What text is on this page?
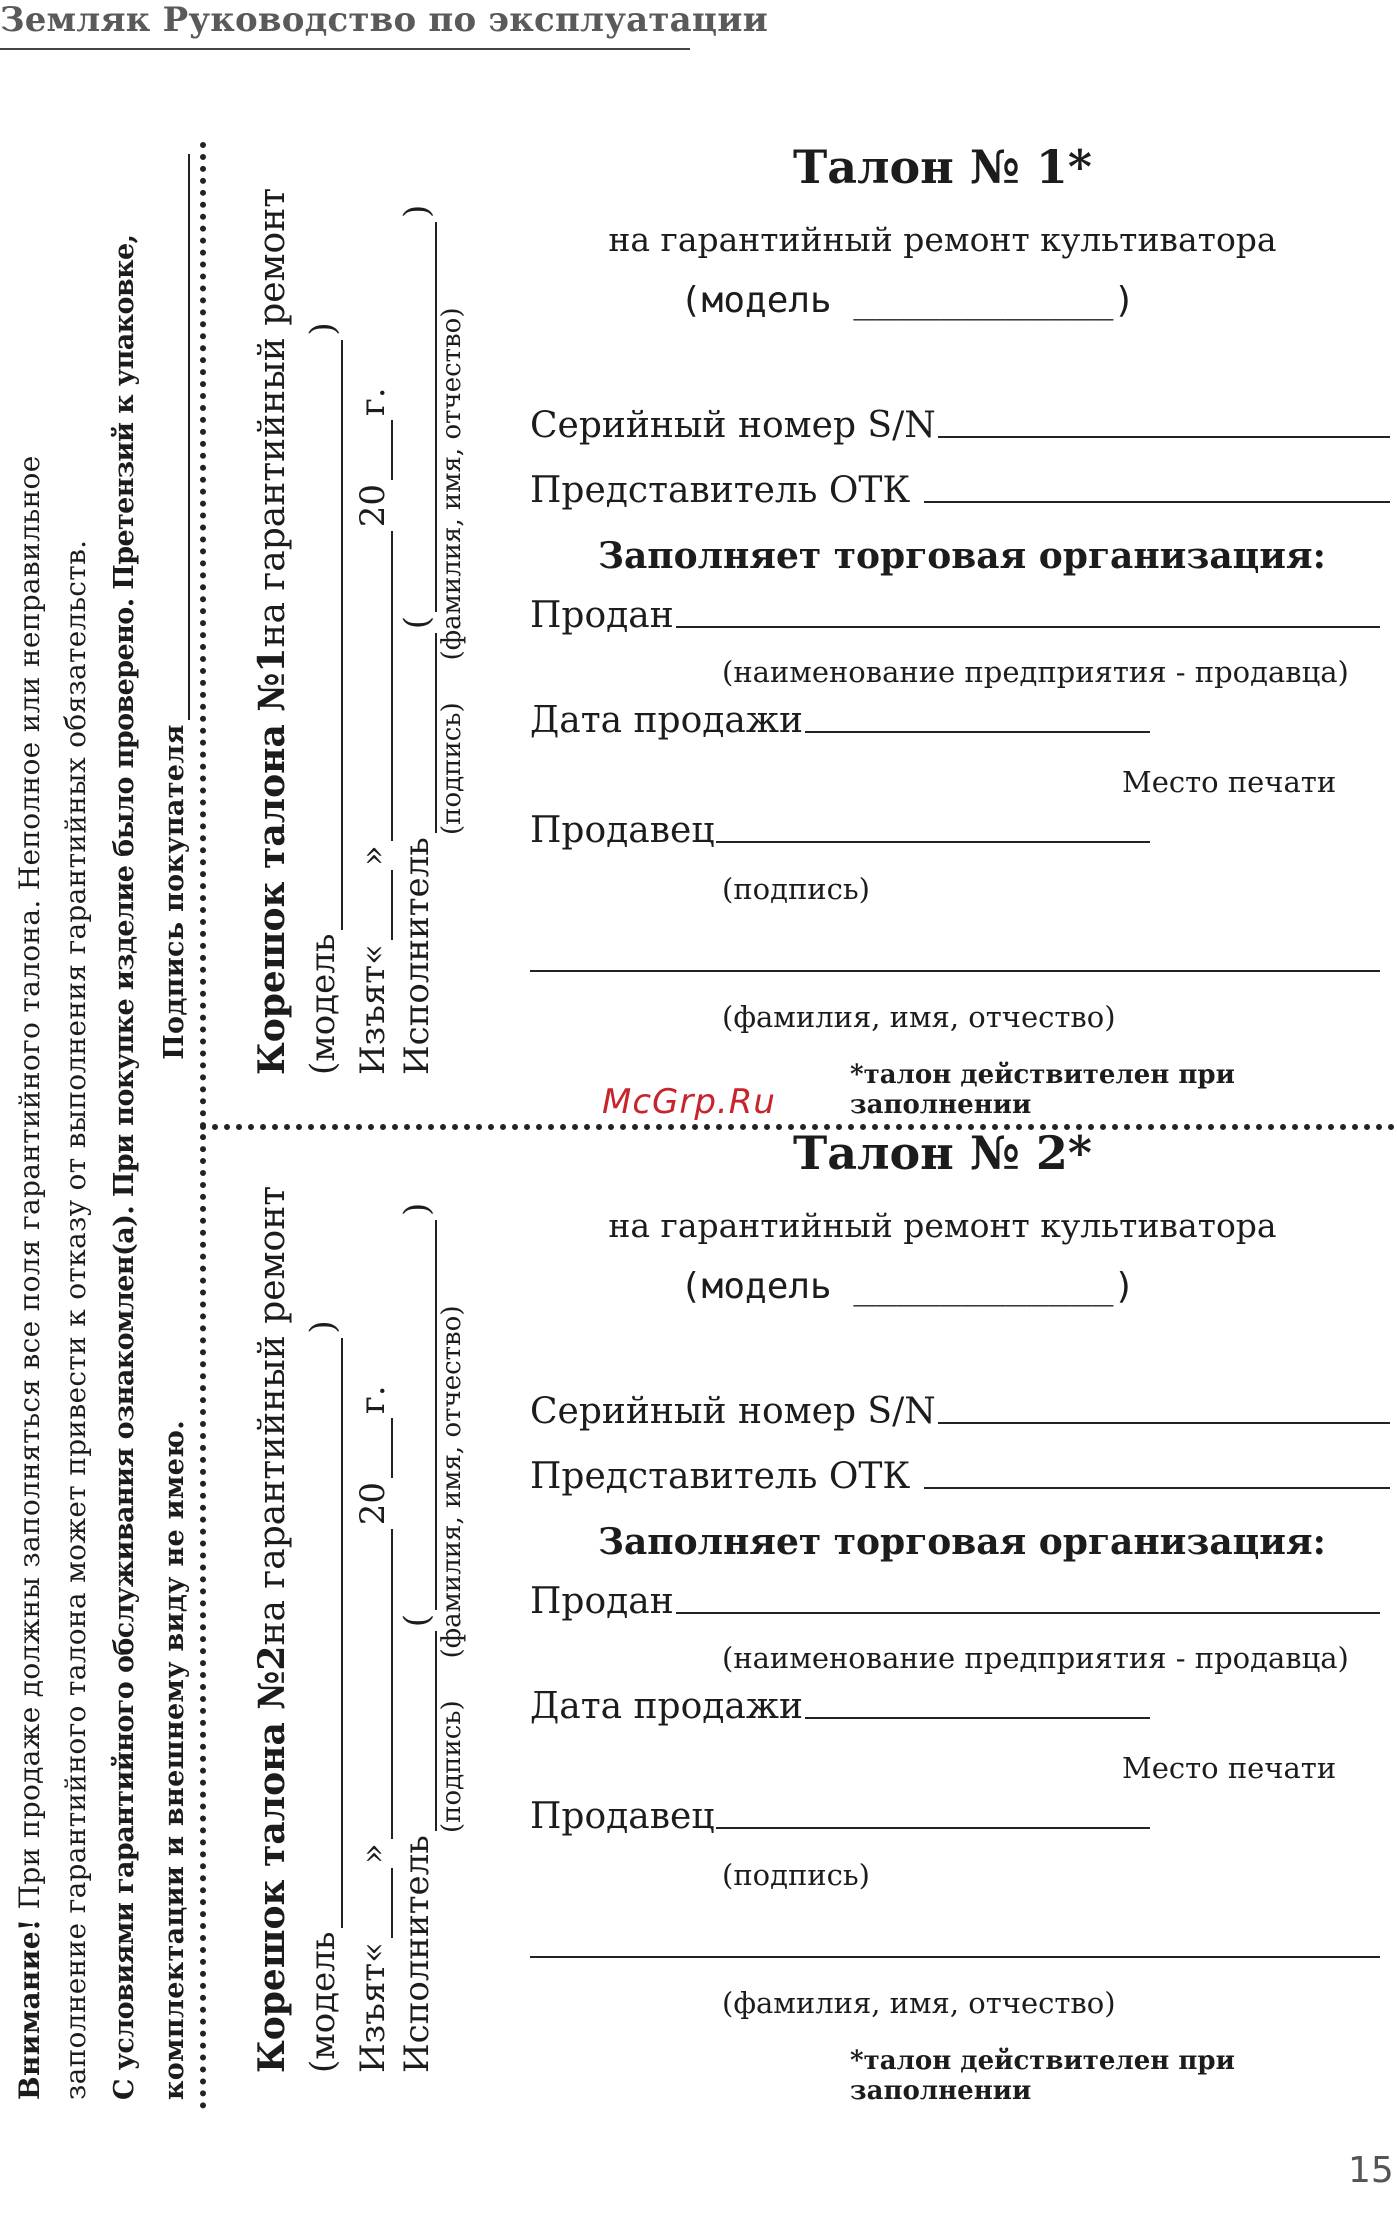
Земляк Руководство по эксплуатации
Внимание! При продаже должны заполняться все поля гарантийного талона. Неполное или неправильное заполнение гарантийного талона может привести к отказу от выполнения гарантийных обязательств. С условиями гарантийного обслуживания ознакомлен(а). При покупке изделие было проверено. Претензий к упаковке, комплектации и внешнему виду не имею.
Подпись покупателя Корешок талона №1
на гарантийный ремонт
(модель
)
Изъят«
»
20
г.
Исполнитель
(
)
(подпись)
(фамилия, имя, отчество)
Корешок талона №2
на гарантийный ремонт
(модель
)
Изъят«
»
20
г.
Исполнитель
(
)
(подпись)
(фамилия, имя, отчество)
Талон № 1*
на гарантийный ремонт культиватора
(модель ____________)
Серийный номер S/N
Представитель ОТК
Заполняет торговая организация:
Продан
(наименование предприятия - продавца)
Дата продажи
Место печати
Продавец
(подпись)
(фамилия, имя, отчество)
*талон действителен при заполнении
McGrp.Ru
Талон № 2*
на гарантийный ремонт культиватора
(модель ____________)
Серийный номер S/N
Представитель ОТК
Заполняет торговая организация:
Продан
(наименование предприятия - продавца)
Дата продажи
Место печати
Продавец
(подпись)
(фамилия, имя, отчество)
*талон действителен при заполнении
15
